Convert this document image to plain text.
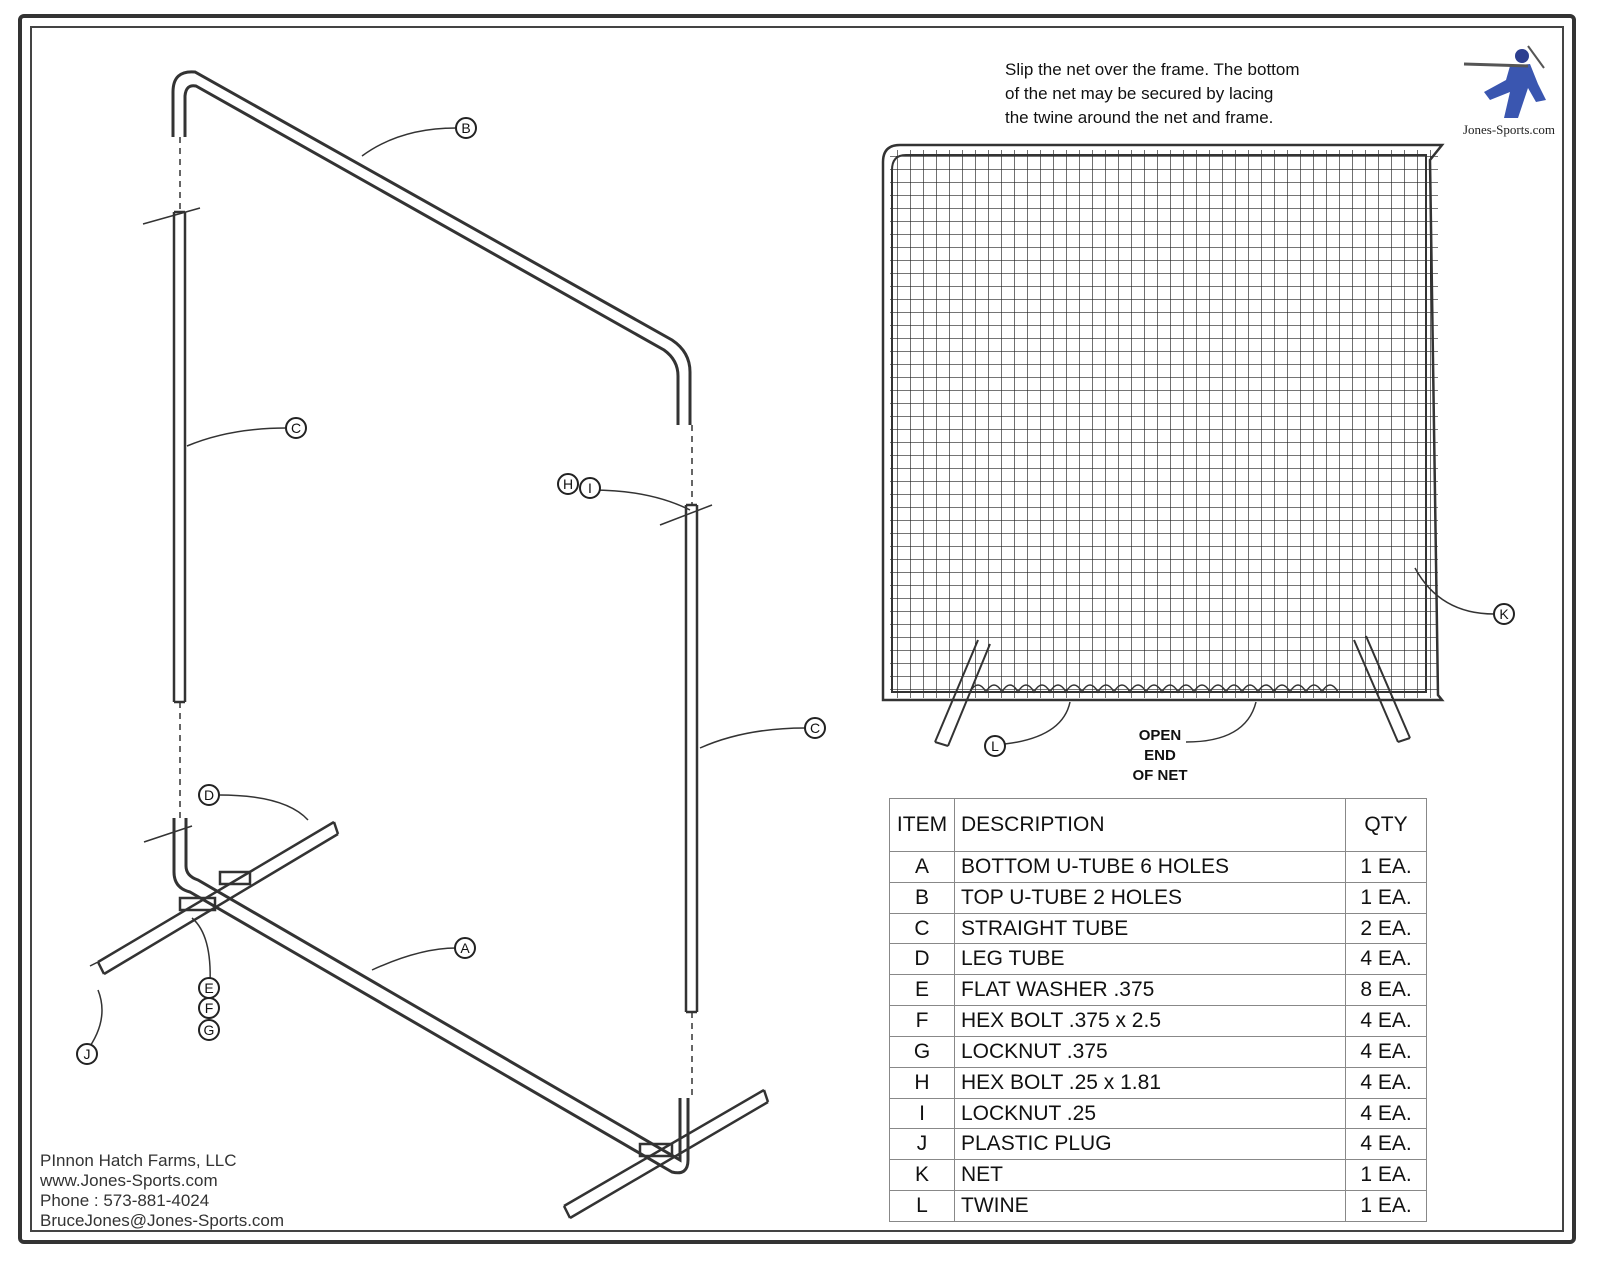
B
C
H I
C
D
A
E
F
G
J
K
L
OPEN
END
OF NET
Slip the net over the frame. The bottom
of the net may be secured by lacing
the twine around the net and frame.
Jones-Sports.com
ITEM	DESCRIPTION	QTY
A	BOTTOM U-TUBE 6 HOLES	1 EA.
B	TOP U-TUBE 2 HOLES	1 EA.
C	STRAIGHT TUBE	2 EA.
D	LEG TUBE	4 EA.
E	FLAT WASHER .375	8 EA.
F	HEX BOLT .375 x 2.5	4 EA.
G	LOCKNUT .375	4 EA.
H	HEX BOLT .25 x 1.81	4 EA.
I	LOCKNUT .25	4 EA.
J	PLASTIC PLUG	4 EA.
K	NET	1 EA.
L	TWINE	1 EA.
PInnon Hatch Farms, LLC
www.Jones-Sports.com
Phone : 573-881-4024
BruceJones@Jones-Sports.com
